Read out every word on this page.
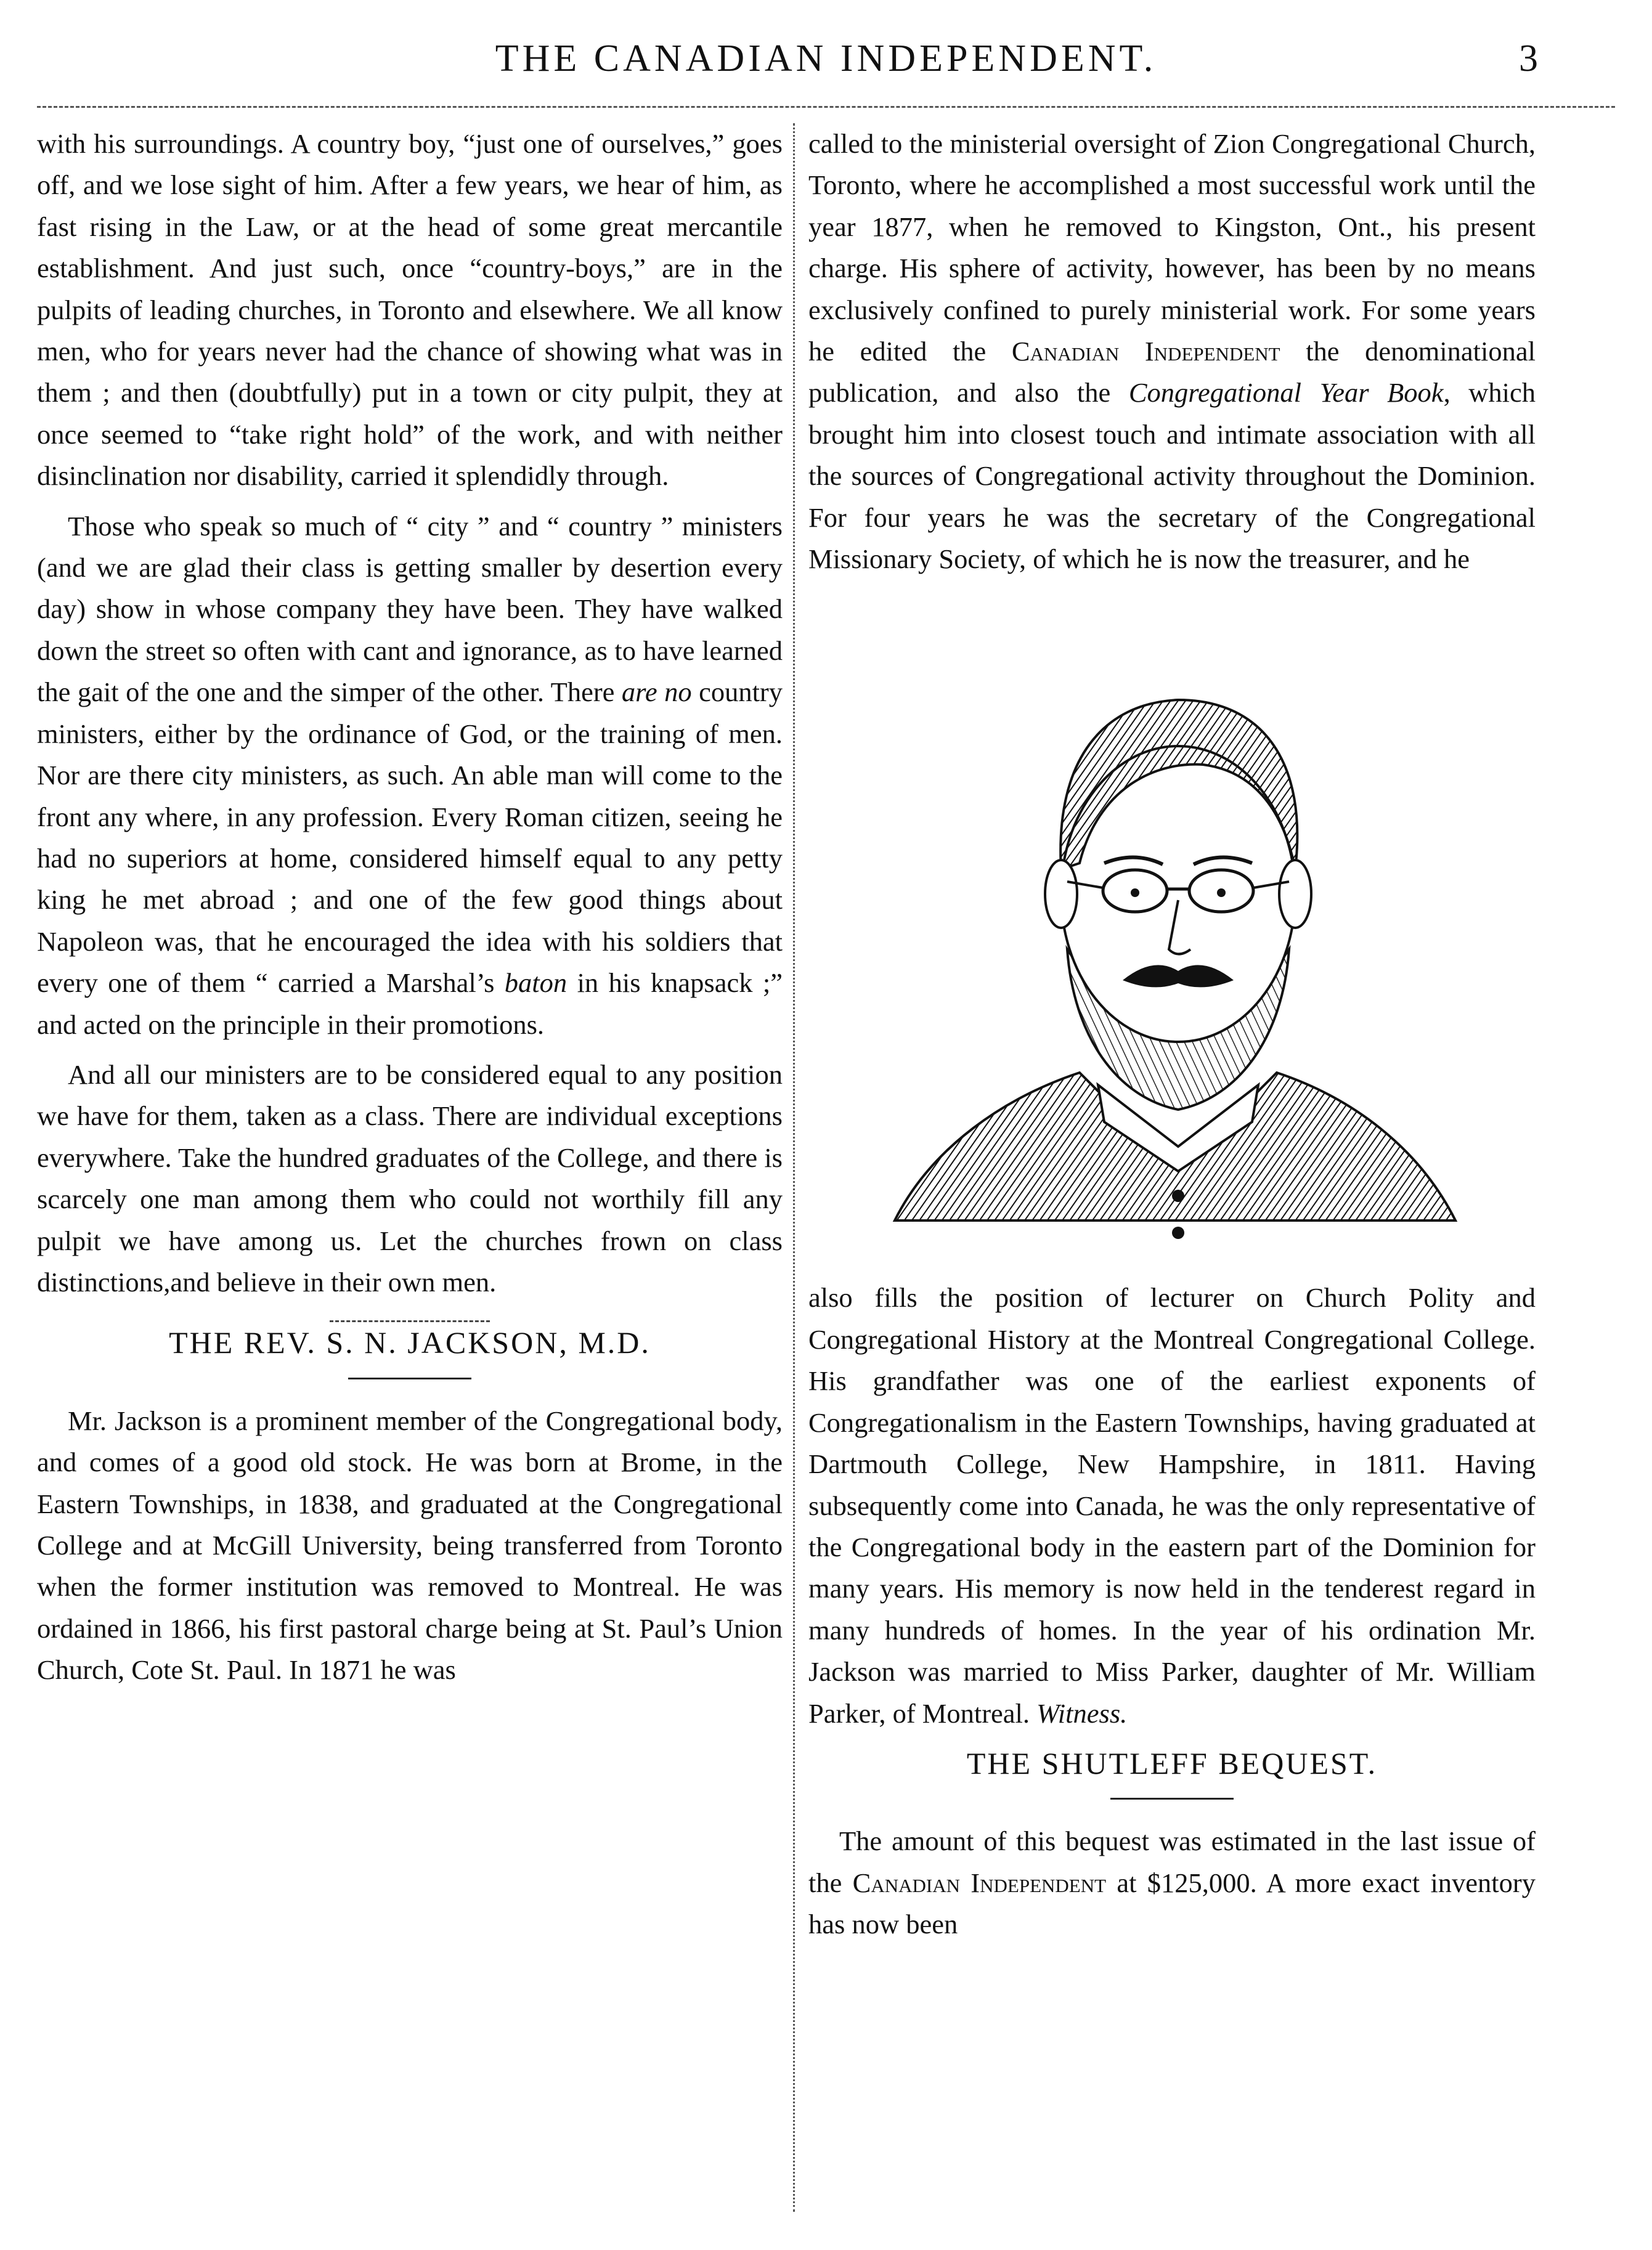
THE CANADIAN INDEPENDENT.	3

with his surroundings. A country boy, “just one of ourselves,” goes off, and we lose sight of him. After a few years, we hear of him, as fast rising in the Law, or at the head of some great mercantile establishment. And just such, once “country-boys,” are in the pulpits of leading churches, in Toronto and elsewhere. We all know men, who for years never had the chance of showing what was in them ; and then (doubtfully) put in a town or city pulpit, they at once seemed to “take right hold” of the work, and with neither disinclination nor disability, carried it splendidly through.

Those who speak so much of “ city ” and “ country ” ministers (and we are glad their class is getting smaller by desertion every day) show in whose company they have been. They have walked down the street so often with cant and ignorance, as to have learned the gait of the one and the simper of the other. There are no country ministers, either by the ordinance of God, or the training of men. Nor are there city ministers, as such. An able man will come to the front any where, in any profession. Every Roman citizen, seeing he had no superiors at home, considered himself equal to any petty king he met abroad ; and one of the few good things about Napoleon was, that he encouraged the idea with his soldiers that every one of them “ carried a Marshal’s baton in his knapsack ;” and acted on the principle in their promotions.

And all our ministers are to be considered equal to any position we have for them, taken as a class. There are individual exceptions everywhere. Take the hundred graduates of the College, and there is scarcely one man among them who could not worthily fill any pulpit we have among us. Let the churches frown on class distinctions,and believe in their own men.

THE REV. S. N. JACKSON, M.D.

Mr. Jackson is a prominent member of the Congregational body, and comes of a good old stock. He was born at Brome, in the Eastern Townships, in 1838, and graduated at the Congregational College and at McGill University, being transferred from Toronto when the former institution was removed to Montreal. He was ordained in 1866, his first pastoral charge being at St. Paul’s Union Church, Cote St. Paul. In 1871 he was

called to the ministerial oversight of Zion Congregational Church, Toronto, where he accomplished a most successful work until the year 1877, when he removed to Kingston, Ont., his present charge. His sphere of activity, however, has been by no means exclusively confined to purely ministerial work. For some years he edited the Canadian Independent the denominational publication, and also the Congregational Year Book, which brought him into closest touch and intimate association with all the sources of Congregational activity throughout the Dominion. For four years he was the secretary of the Congregational Missionary Society, of which he is now the treasurer, and he

also fills the position of lecturer on Church Polity and Congregational History at the Montreal Congregational College. His grandfather was one of the earliest exponents of Congregationalism in the Eastern Townships, having graduated at Dartmouth College, New Hampshire, in 1811. Having subsequently come into Canada, he was the only representative of the Congregational body in the eastern part of the Dominion for many years. His memory is now held in the tenderest regard in many hundreds of homes. In the year of his ordination Mr. Jackson was married to Miss Parker, daughter of Mr. William Parker, of Montreal. Witness.

THE SHUTLEFF BEQUEST.

The amount of this bequest was estimated in the last issue of the Canadian Independent at $125,000. A more exact inventory has now been
